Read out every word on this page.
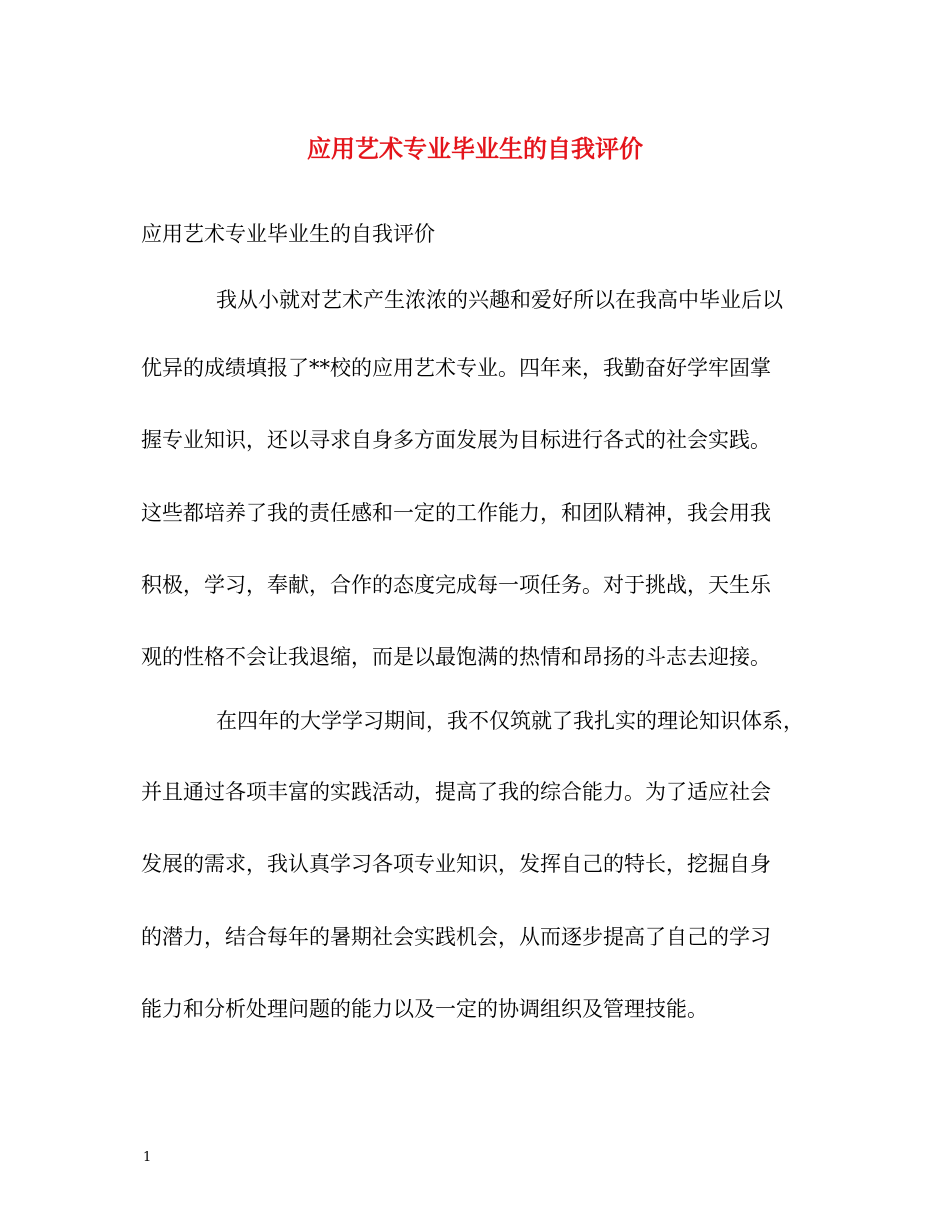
应用艺术专业毕业生的自我评价

应用艺术专业毕业生的自我评价

我从小就对艺术产生浓浓的兴趣和爱好所以在我高中毕业后以

优异的成绩填报了**校的应用艺术专业。四年来，我勤奋好学牢固掌

握专业知识，还以寻求自身多方面发展为目标进行各式的社会实践。

这些都培养了我的责任感和一定的工作能力，和团队精神，我会用我

积极，学习，奉献，合作的态度完成每一项任务。对于挑战，天生乐

观的性格不会让我退缩，而是以最饱满的热情和昂扬的斗志去迎接。

在四年的大学学习期间，我不仅筑就了我扎实的理论知识体系，

并且通过各项丰富的实践活动，提高了我的综合能力。为了适应社会

发展的需求，我认真学习各项专业知识，发挥自己的特长，挖掘自身

的潜力，结合每年的暑期社会实践机会，从而逐步提高了自己的学习

能力和分析处理问题的能力以及一定的协调组织及管理技能。

1
